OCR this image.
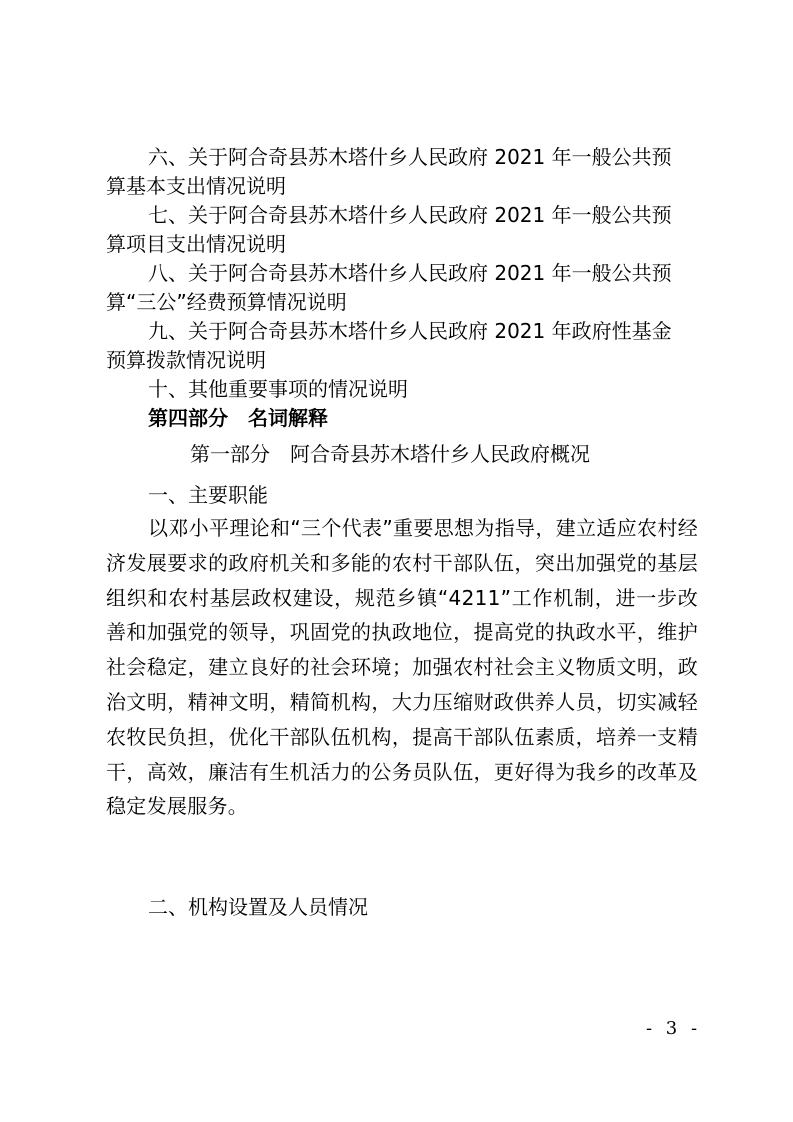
六、关于阿合奇县苏木塔什乡人民政府 2021 年一般公共预
算基本支出情况说明
七、关于阿合奇县苏木塔什乡人民政府 2021 年一般公共预
算项目支出情况说明
八、关于阿合奇县苏木塔什乡人民政府 2021 年一般公共预
算“三公”经费预算情况说明
九、关于阿合奇县苏木塔什乡人民政府 2021 年政府性基金
预算拨款情况说明
十、其他重要事项的情况说明
第四部分　名词解释
第一部分　阿合奇县苏木塔什乡人民政府概况
一、主要职能
以邓小平理论和“三个代表”重要思想为指导，建立适应农村经济发展要求的政府机关和多能的农村干部队伍，突出加强党的基层组织和农村基层政权建设，规范乡镇“4211”工作机制，进一步改善和加强党的领导，巩固党的执政地位，提高党的执政水平，维护社会稳定，建立良好的社会环境；加强农村社会主义物质文明，政治文明，精神文明，精简机构，大力压缩财政供养人员，切实减轻农牧民负担，优化干部队伍机构，提高干部队伍素质，培养一支精干，高效，廉洁有生机活力的公务员队伍，更好得为我乡的改革及稳定发展服务。
二、机构设置及人员情况
- 3 -
